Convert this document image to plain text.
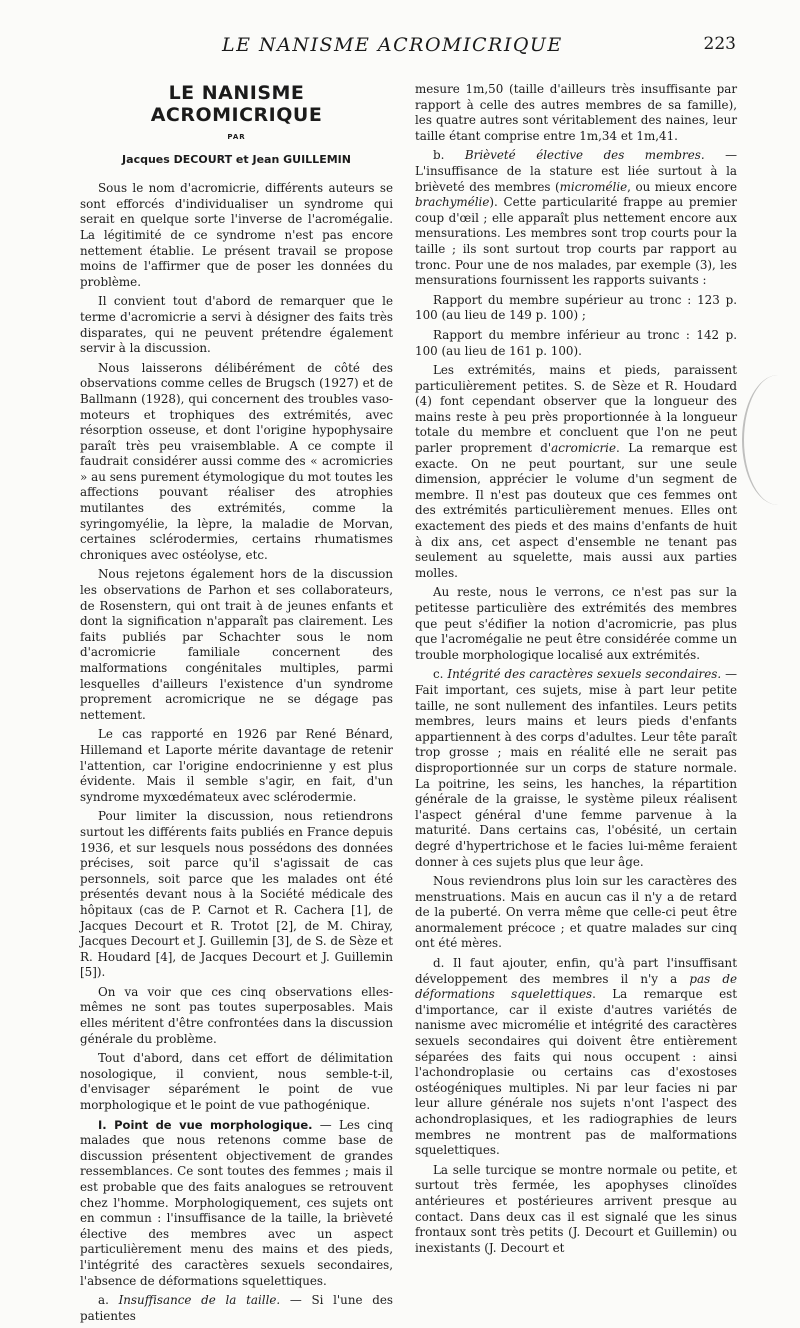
LE NANISME ACROMICRIQUE	223
LE NANISME ACROMICRIQUE
PAR
Jacques DECOURT et Jean GUILLEMIN

Sous le nom d'acromicrie, différents auteurs se sont efforcés d'individualiser un syndrome qui serait en quelque sorte l'inverse de l'acromégalie. La légitimité de ce syndrome n'est pas encore nettement établie. Le présent travail se propose moins de l'affirmer que de poser les données du problème.

Il convient tout d'abord de remarquer que le terme d'acromicrie a servi à désigner des faits très disparates, qui ne peuvent prétendre également servir à la discussion.

Nous laisserons délibérément de côté des observations comme celles de Brugsch (1927) et de Ballmann (1928), qui concernent des troubles vaso-moteurs et trophiques des extrémités, avec résorption osseuse, et dont l'origine hypophysaire paraît très peu vraisemblable. A ce compte il faudrait considérer aussi comme des « acromicries » au sens purement étymologique du mot toutes les affections pouvant réaliser des atrophies mutilantes des extrémités, comme la syringomyélie, la lèpre, la maladie de Morvan, certaines sclérodermies, certains rhumatismes chroniques avec ostéolyse, etc.

Nous rejetons également hors de la discussion les observations de Parhon et ses collaborateurs, de Rosenstern, qui ont trait à de jeunes enfants et dont la signification n'apparaît pas clairement. Les faits publiés par Schachter sous le nom d'acromicrie familiale concernent des malformations congénitales multiples, parmi lesquelles d'ailleurs l'existence d'un syndrome proprement acromicrique ne se dégage pas nettement.

Le cas rapporté en 1926 par René Bénard, Hillemand et Laporte mérite davantage de retenir l'attention, car l'origine endocrinienne y est plus évidente. Mais il semble s'agir, en fait, d'un syndrome myxœdémateux avec sclérodermie.

Pour limiter la discussion, nous retiendrons surtout les différents faits publiés en France depuis 1936, et sur lesquels nous possédons des données précises, soit parce qu'il s'agissait de cas personnels, soit parce que les malades ont été présentés devant nous à la Société médicale des hôpitaux (cas de P. Carnot et R. Cachera [1], de Jacques Decourt et R. Trotot [2], de M. Chiray, Jacques Decourt et J. Guillemin [3], de S. de Sèze et R. Houdard [4], de Jacques Decourt et J. Guillemin [5]).

On va voir que ces cinq observations elles-mêmes ne sont pas toutes superposables. Mais elles méritent d'être confrontées dans la discussion générale du problème.

Tout d'abord, dans cet effort de délimitation nosologique, il convient, nous semble-t-il, d'envisager séparément le point de vue morphologique et le point de vue pathogénique.

I. Point de vue morphologique. — Les cinq malades que nous retenons comme base de discussion présentent objectivement de grandes ressemblances. Ce sont toutes des femmes ; mais il est probable que des faits analogues se retrouvent chez l'homme. Morphologiquement, ces sujets ont en commun : l'insuffisance de la taille, la brièveté élective des membres avec un aspect particulièrement menu des mains et des pieds, l'intégrité des caractères sexuels secondaires, l'absence de déformations squelettiques.

a. Insuffisance de la taille. — Si l'une des patientes

mesure 1m,50 (taille d'ailleurs très insuffisante par rapport à celle des autres membres de sa famille), les quatre autres sont véritablement des naines, leur taille étant comprise entre 1m,34 et 1m,41.

b. Brièveté élective des membres. — L'insuffisance de la stature est liée surtout à la brièveté des membres (micromélie, ou mieux encore brachymélie). Cette particularité frappe au premier coup d'œil ; elle apparaît plus nettement encore aux mensurations. Les membres sont trop courts pour la taille ; ils sont surtout trop courts par rapport au tronc. Pour une de nos malades, par exemple (3), les mensurations fournissent les rapports suivants :

Rapport du membre supérieur au tronc : 123 p. 100 (au lieu de 149 p. 100) ;

Rapport du membre inférieur au tronc : 142 p. 100 (au lieu de 161 p. 100).

Les extrémités, mains et pieds, paraissent particulièrement petites. S. de Sèze et R. Houdard (4) font cependant observer que la longueur des mains reste à peu près proportionnée à la longueur totale du membre et concluent que l'on ne peut parler proprement d'acromicrie. La remarque est exacte. On ne peut pourtant, sur une seule dimension, apprécier le volume d'un segment de membre. Il n'est pas douteux que ces femmes ont des extrémités particulièrement menues. Elles ont exactement des pieds et des mains d'enfants de huit à dix ans, cet aspect d'ensemble ne tenant pas seulement au squelette, mais aussi aux parties molles.

Au reste, nous le verrons, ce n'est pas sur la petitesse particulière des extrémités des membres que peut s'édifier la notion d'acromicrie, pas plus que l'acromégalie ne peut être considérée comme un trouble morphologique localisé aux extrémités.

c. Intégrité des caractères sexuels secondaires. — Fait important, ces sujets, mise à part leur petite taille, ne sont nullement des infantiles. Leurs petits membres, leurs mains et leurs pieds d'enfants appartiennent à des corps d'adultes. Leur tête paraît trop grosse ; mais en réalité elle ne serait pas disproportionnée sur un corps de stature normale. La poitrine, les seins, les hanches, la répartition générale de la graisse, le système pileux réalisent l'aspect général d'une femme parvenue à la maturité. Dans certains cas, l'obésité, un certain degré d'hypertrichose et le facies lui-même feraient donner à ces sujets plus que leur âge.

Nous reviendrons plus loin sur les caractères des menstruations. Mais en aucun cas il n'y a de retard de la puberté. On verra même que celle-ci peut être anormalement précoce ; et quatre malades sur cinq ont été mères.

d. Il faut ajouter, enfin, qu'à part l'insuffisant développement des membres il n'y a pas de déformations squelettiques. La remarque est d'importance, car il existe d'autres variétés de nanisme avec micromélie et intégrité des caractères sexuels secondaires qui doivent être entièrement séparées des faits qui nous occupent : ainsi l'achondroplasie ou certains cas d'exostoses ostéogéniques multiples. Ni par leur facies ni par leur allure générale nos sujets n'ont l'aspect des achondroplasiques, et les radiographies de leurs membres ne montrent pas de malformations squelettiques.

La selle turcique se montre normale ou petite, et surtout très fermée, les apophyses clinoïdes antérieures et postérieures arrivent presque au contact. Dans deux cas il est signalé que les sinus frontaux sont très petits (J. Decourt et Guillemin) ou inexistants (J. Decourt et
